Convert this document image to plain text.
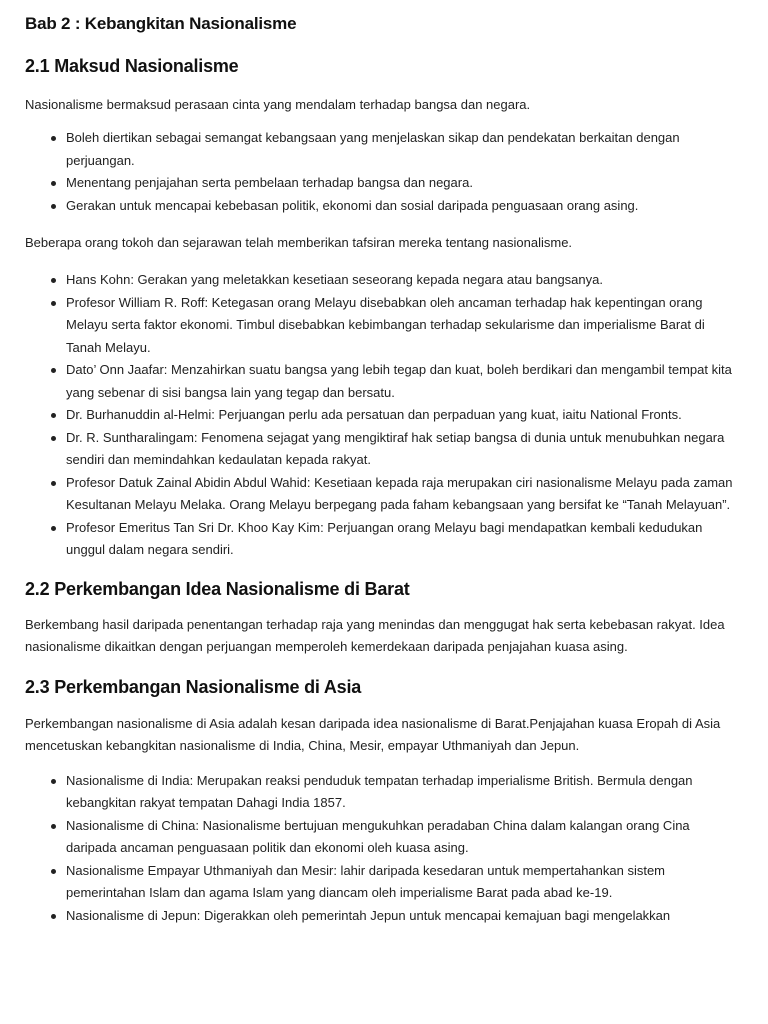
Bab 2 : Kebangkitan Nasionalisme
2.1 Maksud Nasionalisme

Nasionalisme bermaksud perasaan cinta yang mendalam terhadap bangsa dan negara.

Boleh diertikan sebagai semangat kebangsaan yang menjelaskan sikap dan pendekatan berkaitan dengan perjuangan.
Menentang penjajahan serta pembelaan terhadap bangsa dan negara.
Gerakan untuk mencapai kebebasan politik, ekonomi dan sosial daripada penguasaan orang asing.

Beberapa orang tokoh dan sejarawan telah memberikan tafsiran mereka tentang nasionalisme.

Hans Kohn: Gerakan yang meletakkan kesetiaan seseorang kepada negara atau bangsanya.
Profesor William R. Roff: Ketegasan orang Melayu disebabkan oleh ancaman terhadap hak kepentingan orang Melayu serta faktor ekonomi. Timbul disebabkan kebimbangan terhadap sekularisme dan imperialisme Barat di Tanah Melayu.
Dato’ Onn Jaafar: Menzahirkan suatu bangsa yang lebih tegap dan kuat, boleh berdikari dan mengambil tempat kita yang sebenar di sisi bangsa lain yang tegap dan bersatu.
Dr. Burhanuddin al-Helmi: Perjuangan perlu ada persatuan dan perpaduan yang kuat, iaitu National Fronts.
Dr. R. Suntharalingam: Fenomena sejagat yang mengiktiraf hak setiap bangsa di dunia untuk menubuhkan negara sendiri dan memindahkan kedaulatan kepada rakyat.
Profesor Datuk Zainal Abidin Abdul Wahid: Kesetiaan kepada raja merupakan ciri nasionalisme Melayu pada zaman Kesultanan Melayu Melaka. Orang Melayu berpegang pada faham kebangsaan yang bersifat ke “Tanah Melayuan”.
Profesor Emeritus Tan Sri Dr. Khoo Kay Kim: Perjuangan orang Melayu bagi mendapatkan kembali kedudukan unggul dalam negara sendiri.
2.2 Perkembangan Idea Nasionalisme di Barat

Berkembang hasil daripada penentangan terhadap raja yang menindas dan menggugat hak serta kebebasan rakyat. Idea nasionalisme dikaitkan dengan perjuangan memperoleh kemerdekaan daripada penjajahan kuasa asing.

2.3 Perkembangan Nasionalisme di Asia

Perkembangan nasionalisme di Asia adalah kesan daripada idea nasionalisme di Barat.Penjajahan kuasa Eropah di Asia mencetuskan kebangkitan nasionalisme di India, China, Mesir, empayar Uthmaniyah dan Jepun.

Nasionalisme di India: Merupakan reaksi penduduk tempatan terhadap imperialisme British. Bermula dengan kebangkitan rakyat tempatan Dahagi India 1857.
Nasionalisme di China: Nasionalisme bertujuan mengukuhkan peradaban China dalam kalangan orang Cina daripada ancaman penguasaan politik dan ekonomi oleh kuasa asing.
Nasionalisme Empayar Uthmaniyah dan Mesir: lahir daripada kesedaran untuk mempertahankan sistem pemerintahan Islam dan agama Islam yang diancam oleh imperialisme Barat pada abad ke-19.
Nasionalisme di Jepun: Digerakkan oleh pemerintah Jepun untuk mencapai kemajuan bagi mengelakkan
